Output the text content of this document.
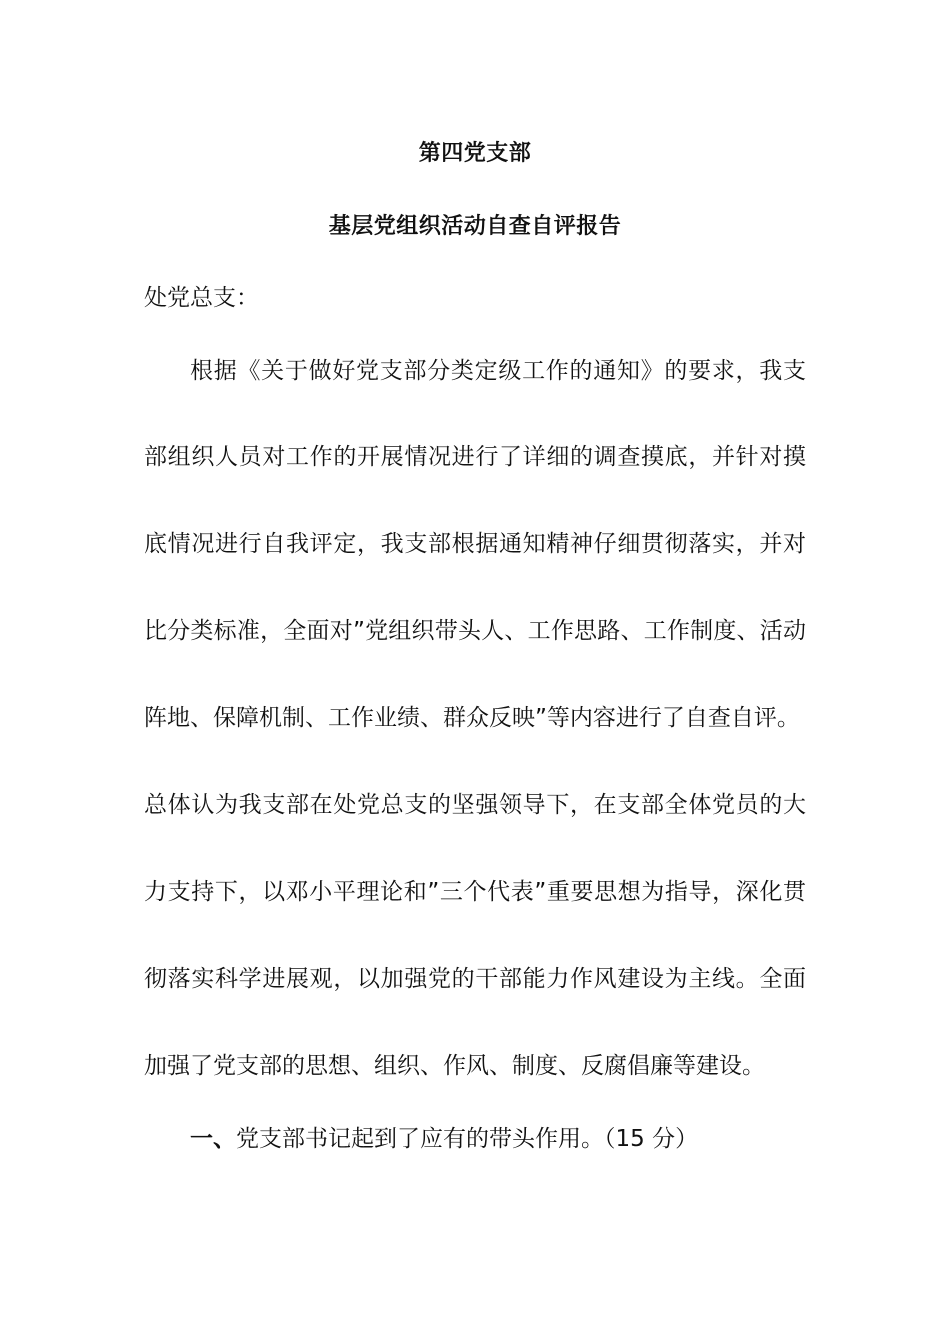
第四党支部
基层党组织活动自查自评报告
处党总支：
根据《关于做好党支部分类定级工作的通知》的要求，我支
部组织人员对工作的开展情况进行了详细的调查摸底，并针对摸
底情况进行自我评定，我支部根据通知精神仔细贯彻落实，并对
比分类标准，全面对”党组织带头人、工作思路、工作制度、活动
阵地、保障机制、工作业绩、群众反映”等内容进行了自查自评。
总体认为我支部在处党总支的坚强领导下，在支部全体党员的大
力支持下，以邓小平理论和”三个代表”重要思想为指导，深化贯
彻落实科学进展观，以加强党的干部能力作风建设为主线。全面
加强了党支部的思想、组织、作风、制度、反腐倡廉等建设。
一、党支部书记起到了应有的带头作用。（15 分）
